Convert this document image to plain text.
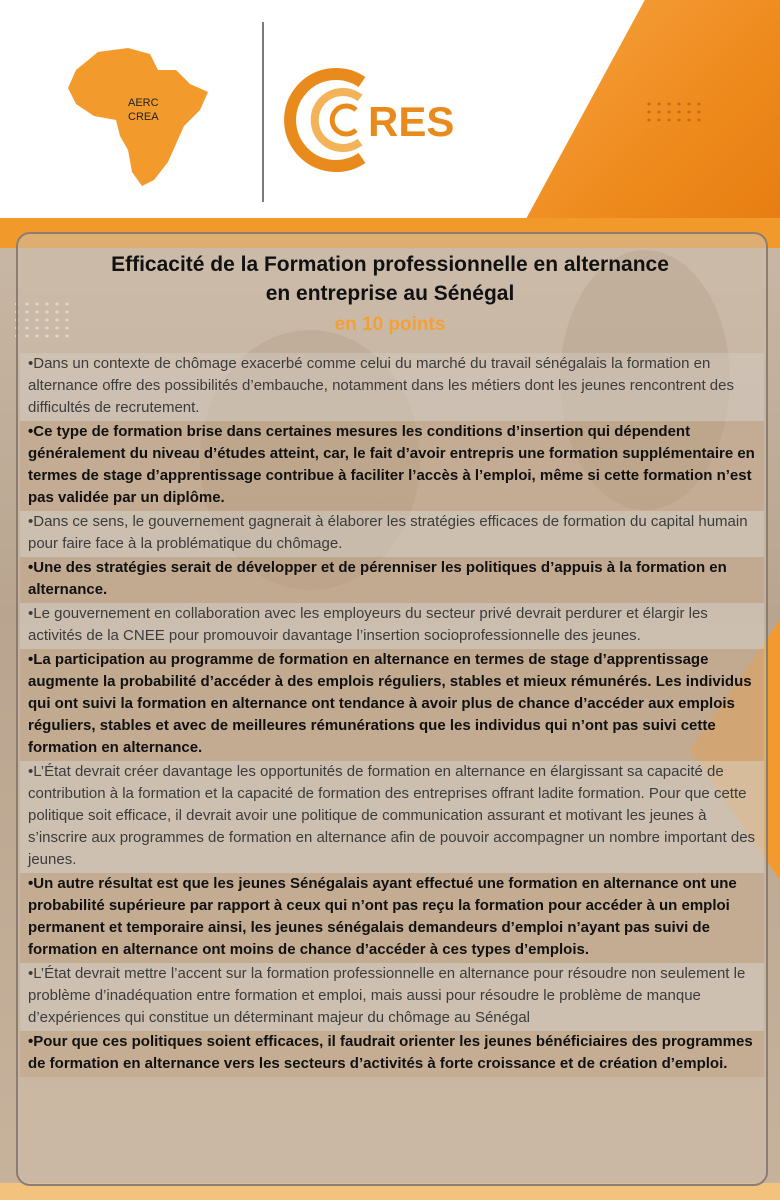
AERC
CREA	RES
Efficacité de la Formation professionnelle en alternance
en entreprise au Sénégal
en 10 points

•Dans un contexte de chômage exacerbé comme celui du marché du travail sénégalais la formation en alternance offre des possibilités d’embauche, notamment dans les métiers dont les jeunes rencontrent des difficultés de recrutement.

•Ce type de formation brise dans certaines mesures les conditions d’insertion qui dépendent généralement du niveau d’études atteint, car, le fait d’avoir entrepris une formation supplémentaire en termes de stage d’apprentissage contribue à faciliter l’accès à l’emploi, même si cette formation n’est pas validée par un diplôme.

•Dans ce sens, le gouvernement gagnerait à élaborer les stratégies efficaces de formation du capital humain pour faire face à la problématique du chômage.

•Une des stratégies serait de développer et de pérenniser les politiques d’appuis à la formation en alternance.

•Le gouvernement en collaboration avec les employeurs du secteur privé devrait perdurer et élargir les activités de la CNEE pour promouvoir davantage l’insertion socioprofessionnelle des jeunes.

•La participation au programme de formation en alternance en termes de stage d’apprentissage augmente la probabilité d’accéder à des emplois réguliers, stables et mieux rémunérés. Les individus qui ont suivi la formation en alternance ont tendance à avoir plus de chance d’accéder aux emplois réguliers, stables et avec de meilleures rémunérations que les individus qui n’ont pas suivi cette formation en alternance.

•L’État devrait créer davantage les opportunités de formation en alternance en élargissant sa capacité de contribution à la formation et la capacité de formation des entreprises offrant ladite formation. Pour que cette politique soit efficace, il devrait avoir une politique de communication assurant et motivant les jeunes à s’inscrire aux programmes de formation en alternance afin de pouvoir accompagner un nombre important des jeunes.

•Un autre résultat est que les jeunes Sénégalais ayant effectué une formation en alternance ont une probabilité supérieure par rapport à ceux qui n’ont pas reçu la formation pour accéder à un emploi permanent et temporaire ainsi, les jeunes sénégalais demandeurs d’emploi n’ayant pas suivi de formation en alternance ont moins de chance d’accéder à ces types d’emplois.

•L’État devrait mettre l’accent sur la formation professionnelle en alternance pour résoudre non seulement le problème d’inadéquation entre formation et emploi, mais aussi pour résoudre le problème de manque d’expériences qui constitue un déterminant majeur du chômage au Sénégal

•Pour que ces politiques soient efficaces, il faudrait orienter les jeunes bénéficiaires des programmes de formation en alternance vers les secteurs d’activités à forte croissance et de création d’emploi.
